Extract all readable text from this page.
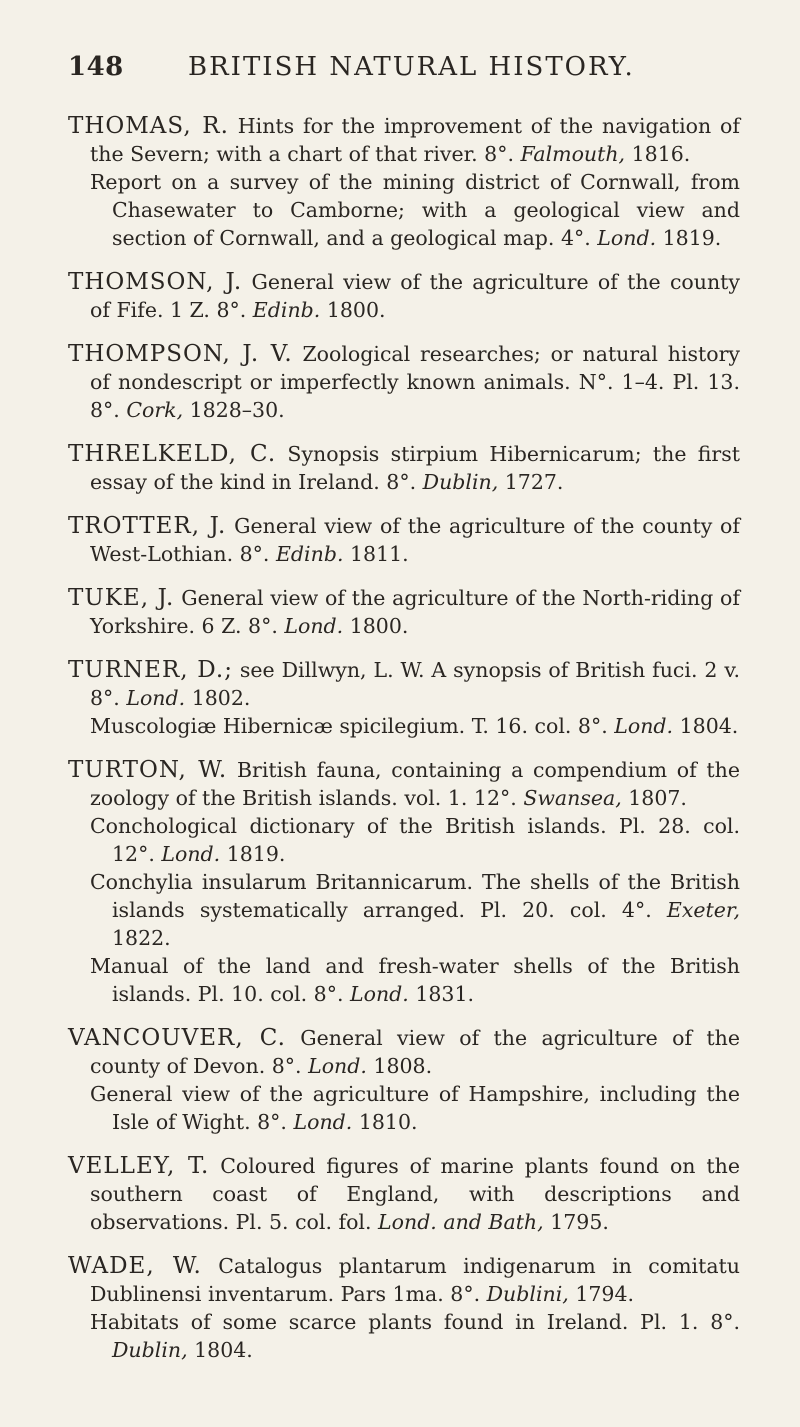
148 BRITISH NATURAL HISTORY.
THOMAS, R. Hints for the improvement of the navigation of the Severn; with a chart of that river. 8°. Falmouth, 1816.
Report on a survey of the mining district of Cornwall, from Chasewater to Camborne; with a geological view and section of Cornwall, and a geological map. 4°. Lond. 1819.
THOMSON, J. General view of the agriculture of the county of Fife. 1 Z. 8°. Edinb. 1800.
THOMPSON, J. V. Zoological researches; or natural history of nondescript or imperfectly known animals. N°. 1–4. Pl. 13. 8°. Cork, 1828–30.
THRELKELD, C. Synopsis stirpium Hibernicarum; the first essay of the kind in Ireland. 8°. Dublin, 1727.
TROTTER, J. General view of the agriculture of the county of West-Lothian. 8°. Edinb. 1811.
TUKE, J. General view of the agriculture of the North-riding of Yorkshire. 6 Z. 8°. Lond. 1800.
TURNER, D.; see Dillwyn, L. W. A synopsis of British fuci. 2 v. 8°. Lond. 1802.
Muscologiæ Hibernicæ spicilegium. T. 16. col. 8°. Lond. 1804.
TURTON, W. British fauna, containing a compendium of the zoology of the British islands. vol. 1. 12°. Swansea, 1807.
Conchological dictionary of the British islands. Pl. 28. col. 12°. Lond. 1819.
Conchylia insularum Britannicarum. The shells of the British islands systematically arranged. Pl. 20. col. 4°. Exeter, 1822.
Manual of the land and fresh-water shells of the British islands. Pl. 10. col. 8°. Lond. 1831.
VANCOUVER, C. General view of the agriculture of the county of Devon. 8°. Lond. 1808.
General view of the agriculture of Hampshire, including the Isle of Wight. 8°. Lond. 1810.
VELLEY, T. Coloured figures of marine plants found on the southern coast of England, with descriptions and observations. Pl. 5. col. fol. Lond. and Bath, 1795.
WADE, W. Catalogus plantarum indigenarum in comitatu Dublinensi inventarum. Pars 1ma. 8°. Dublini, 1794.
Habitats of some scarce plants found in Ireland. Pl. 1. 8°. Dublin, 1804.
